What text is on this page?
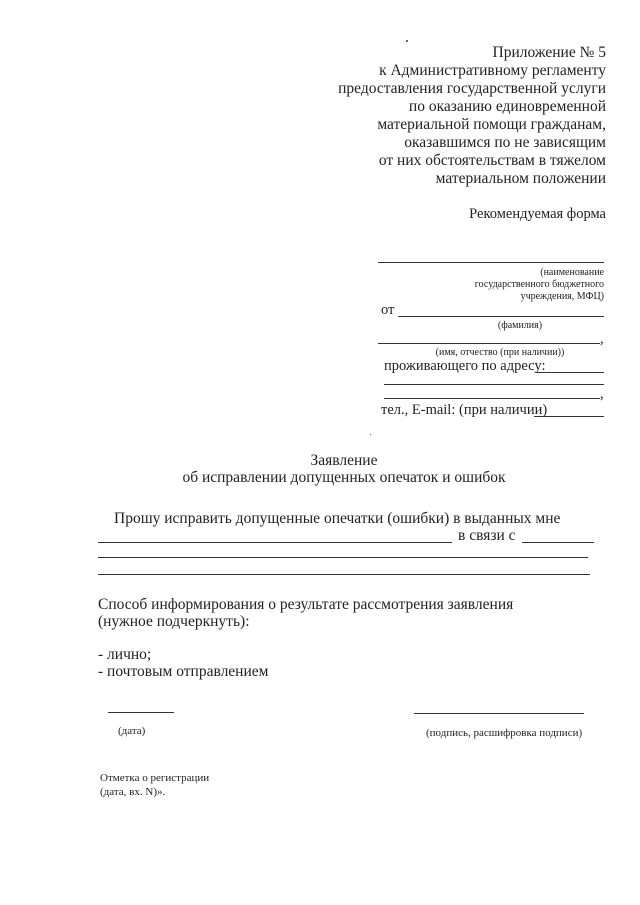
Приложение № 5
к Административному регламенту
предоставления государственной услуги
по оказанию единовременной
материальной помощи гражданам,
оказавшимся по не зависящим
от них обстоятельствам в тяжелом
материальном положении
Рекомендуемая форма
(наименование
государственного бюджетного
учреждения, МФЦ)
от
(фамилия)
,
(имя, отчество (при наличии))
проживающего по адресу:
,
тел., E-mail: (при наличии)
Заявление
об исправлении допущенных опечаток и ошибок
Прошу исправить допущенные опечатки (ошибки) в выданных мне
в связи с
Способ информирования о результате рассмотрения заявления
(нужное подчеркнуть):
- лично;
- почтовым отправлением
(дата)	(подпись, расшифровка подписи)
Отметка о регистрации
(дата, вх. N)».
